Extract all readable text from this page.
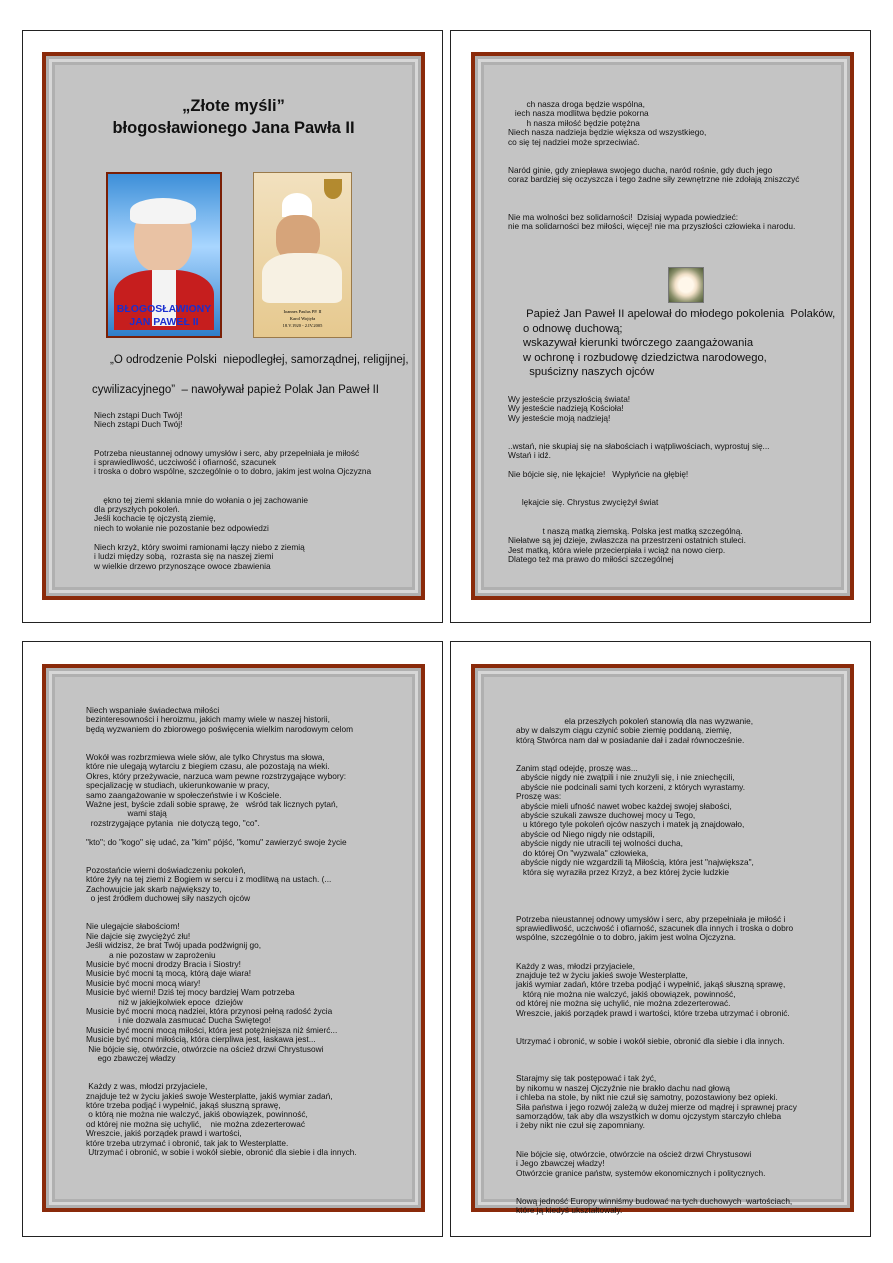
„Złote myśli”
błogosławionego Jana Pawła II
BŁOGOSŁAWIONY
JAN PAWEŁ II
Ioannes Paulus PP. II
Karol Wojtyła
18.V.1920 - 2.IV.2005
„O odrodzenie Polski  niepodległej, samorządnej, religijnej,
cywilizacyjnego”  – nawoływał papież Polak Jan Paweł II
Niech zstąpi Duch Twój!
Niech zstąpi Duch Twój!

Potrzeba nieustannej odnowy umysłów i serc, aby przepełniała je miłość
i sprawiedliwość, uczciwość i ofiarność, szacunek
i troska o dobro wspólne, szczególnie o to dobro, jakim jest wolna Ojczyzna

ękno tej ziemi skłania mnie do wołania o jej zachowanie
dla przyszłych pokoleń.
Jeśli kochacie tę ojczystą ziemię,
niech to wołanie nie pozostanie bez odpowiedzi

Niech krzyż, który swoimi ramionami łączy niebo z ziemią
i ludzi między sobą,  rozrasta się na naszej ziemi
w wielkie drzewo przynoszące owoce zbawienia
ch nasza droga będzie wspólna,
iech nasza modlitwa będzie pokorna
h nasza miłość będzie potężna
Niech nasza nadzieja będzie większa od wszystkiego,
co się tej nadziei może sprzeciwiać.

Naród ginie, gdy zniepława swojego ducha, naród rośnie, gdy duch jego
coraz bardziej się oczyszcza i tego żadne siły zewnętrzne nie zdołają zniszczyć

Nie ma wolności bez solidarności!  Dzisiaj wypada powiedzieć:
nie ma solidarności bez miłości, więcej! nie ma przyszłości człowieka i narodu.
Papież Jan Paweł II apelował do młodego pokolenia  Polaków,
o odnowę duchową;
wskazywał kierunki twórczego zaangażowania
w ochronę i rozbudowę dziedzictwa narodowego,
spuścizny naszych ojców
Wy jesteście przyszłością świata!
Wy jesteście nadzieją Kościoła!
Wy jesteście moją nadzieją!

..wstań, nie skupiaj się na słabościach i wątpliwościach, wyprostuj się...
Wstań i idź.

Nie bójcie się, nie lękajcie!   Wypłyńcie na głębię!

lękajcie się. Chrystus zwyciężył świat

t naszą matką ziemską. Polska jest matką szczególną.
Niełatwe są jej dzieje, zwłaszcza na przestrzeni ostatnich stuleci.
Jest matką, która wiele przecierpiała i wciąż na nowo cierp.
Dlatego też ma prawo do miłości szczególnej
Niech wspaniałe świadectwa miłości
bezinteresowności i heroizmu, jakich mamy wiele w naszej historii,
będą wyzwaniem do zbiorowego poświęcenia wielkim narodowym celom

Wokół was rozbrzmiewa wiele słów, ale tylko Chrystus ma słowa,
które nie ulegają wytarciu z biegiem czasu, ale pozostają na wieki.
Okres, który przeżywacie, narzuca wam pewne rozstrzygające wybory:
specjalizację w studiach, ukierunkowanie w pracy,
samo zaangażowanie w społeczeństwie i w Kościele.
Ważne jest, byście zdali sobie sprawę, że   wśród tak licznych pytań,
wami stają
rozstrzygające pytania  nie dotyczą tego, "co".

"kto"; do "kogo" się udać, za "kim" pójść, "komu" zawierzyć swoje życie

Pozostańcie wierni doświadczeniu pokoleń,
które żyły na tej ziemi z Bogiem w sercu i z modlitwą na ustach. (...
Zachowujcie jak skarb największy to,
o jest źródłem duchowej siły naszych ojców

Nie ulegajcie słabościom!
Nie dajcie się zwyciężyć złu!
Jeśli widzisz, że brat Twój upada podźwignij go,
a nie pozostaw w zaprożeniu
Musicie być mocni drodzy Bracia i Siostry!
Musicie być mocni tą mocą, którą daje wiara!
Musicie być mocni mocą wiary!
Musicie być wierni! Dziś tej mocy bardziej Wam potrzeba
niż w jakiejkolwiek epoce  dziejów
Musicie być mocni mocą nadziei, która przynosi pełną radość życia
i nie dozwala zasmucać Ducha Świętego!
Musicie być mocni mocą miłości, która jest potężniejsza niż śmierć...
Musicie być mocni miłością, która cierpliwa jest, łaskawa jest...
Nie bójcie się, otwórzcie, otwórzcie na oścież drzwi Chrystusowi
ego zbawczej władzy

Każdy z was, młodzi przyjaciele,
znajduje też w życiu jakieś swoje Westerplatte, jakiś wymiar zadań,
które trzeba podjąć i wypełnić, jakąś słuszną sprawę,
o którą nie można nie walczyć, jakiś obowiązek, powinność,
od której nie można się uchylić,    nie można zdezerterować
Wreszcie, jakiś porządek prawd i wartości,
które trzeba utrzymać i obronić, tak jak to Westerplatte.
Utrzymać i obronić, w sobie i wokół siebie, obronić dla siebie i dla innych.
ela przeszłych pokoleń stanowią dla nas wyzwanie,
aby w dalszym ciągu czynić sobie ziemię poddaną, ziemię,
którą Stwórca nam dał w posiadanie dał i zadał równocześnie.

Zanim stąd odejdę, proszę was...
abyście nigdy nie zwątpili i nie znużyli się, i nie zniechęcili,
abyście nie podcinali sami tych korzeni, z których wyrastamy.
Proszę was:
abyście mieli ufność nawet wobec każdej swojej słabości,
abyście szukali zawsze duchowej mocy u Tego,
u którego tyle pokoleń ojców naszych i matek ją znajdowało,
abyście od Niego nigdy nie odstąpili,
abyście nigdy nie utracili tej wolności ducha,
do której On "wyzwala" człowieka,
abyście nigdy nie wzgardzili tą Miłością, która jest "największa",
która się wyraziła przez Krzyż, a bez której życie ludzkie

Potrzeba nieustannej odnowy umysłów i serc, aby przepełniała je miłość i
sprawiedliwość, uczciwość i ofiarność, szacunek dla innych i troska o dobro
wspólne, szczególnie o to dobro, jakim jest wolna Ojczyzna.

Każdy z was, młodzi przyjaciele,
znajduje też w życiu jakieś swoje Westerplatte,
jakiś wymiar zadań, które trzeba podjąć i wypełnić, jakąś słuszną sprawę,
którą nie można nie walczyć, jakiś obowiązek, powinność,
od której nie można się uchylić, nie można zdezerterować.
Wreszcie, jakiś porządek prawd i wartości, które trzeba utrzymać i obronić.

Utrzymać i obronić, w sobie i wokół siebie, obronić dla siebie i dla innych.

Starajmy się tak postępować i tak żyć,
by nikomu w naszej Ojczyźnie nie brakło dachu nad głową
i chleba na stole, by nikt nie czuł się samotny, pozostawiony bez opieki.
Siła państwa i jego rozwój zależą w dużej mierze od mądrej i sprawnej pracy
samorządów, tak aby dla wszystkich w domu ojczystym starczyło chleba
i żeby nikt nie czuł się zapomniany.

Nie bójcie się, otwórzcie, otwórzcie na oścież drzwi Chrystusowi
i Jego zbawczej władzy!
Otwórzcie granice państw, systemów ekonomicznych i politycznych.

Nową jedność Europy winniśmy budować na tych duchowych  wartościach,
które ją kiedyś ukształtowały.
